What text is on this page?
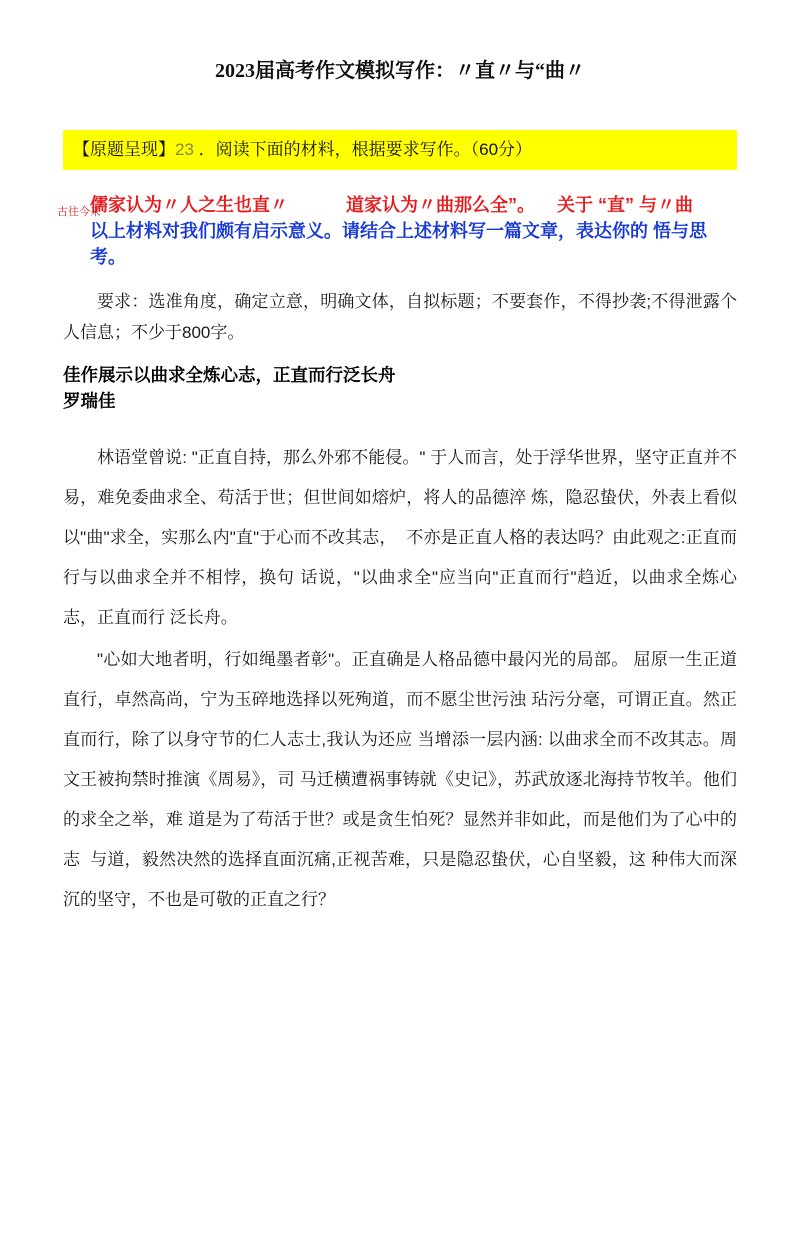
2023届高考作文模拟写作：〃直〃与“曲〃
【原题呈现】23 ．阅读下面的材料，根据要求写作。（60分）
古往今来
儒家认为〃人之生也直〃	道家认为〃曲那么全”。 关于 “直” 与〃曲
以上材料对我们颇有启示意义。请结合上述材料写一篇文章，表达你的 悟与思考。

要求：选准角度，确定立意，明确文体，自拟标题；不要套作，不得抄袭;不得泄露个人信息；不少于800字。

佳作展示以曲求全炼心志，正直而行泛长舟
罗瑞佳

林语堂曾说: "正直自持，那么外邪不能侵。" 于人而言，处于浮华世界，坚守正直并不易，难免委曲求全、苟活于世；但世间如熔炉，将人的品德淬 炼，隐忍蛰伏，外表上看似以"曲"求全，实那么内"直"于心而不改其志，  不亦是正直人格的表达吗？由此观之:正直而行与以曲求全并不相悖，换句 话说，"以曲求全"应当向"正直而行"趋近，以曲求全炼心志，正直而行 泛长舟。

"心如大地者明，行如绳墨者彰"。正直确是人格品德中最闪光的局部。 屈原一生正道直行，卓然高尚，宁为玉碎地选择以死殉道，而不愿尘世污浊 玷污分毫，可谓正直。然正直而行，除了以身守节的仁人志士,我认为还应 当增添一层内涵: 以曲求全而不改其志。周文王被拘禁时推演《周易》，司 马迁横遭祸事铸就《史记》，苏武放逐北海持节牧羊。他们的求全之举，难 道是为了苟活于世？或是贪生怕死？显然并非如此，而是他们为了心中的志  与道，毅然决然的选择直面沉痛,正视苦难，只是隐忍蛰伏，心自坚毅，这 种伟大而深沉的坚守，不也是可敬的正直之行？
